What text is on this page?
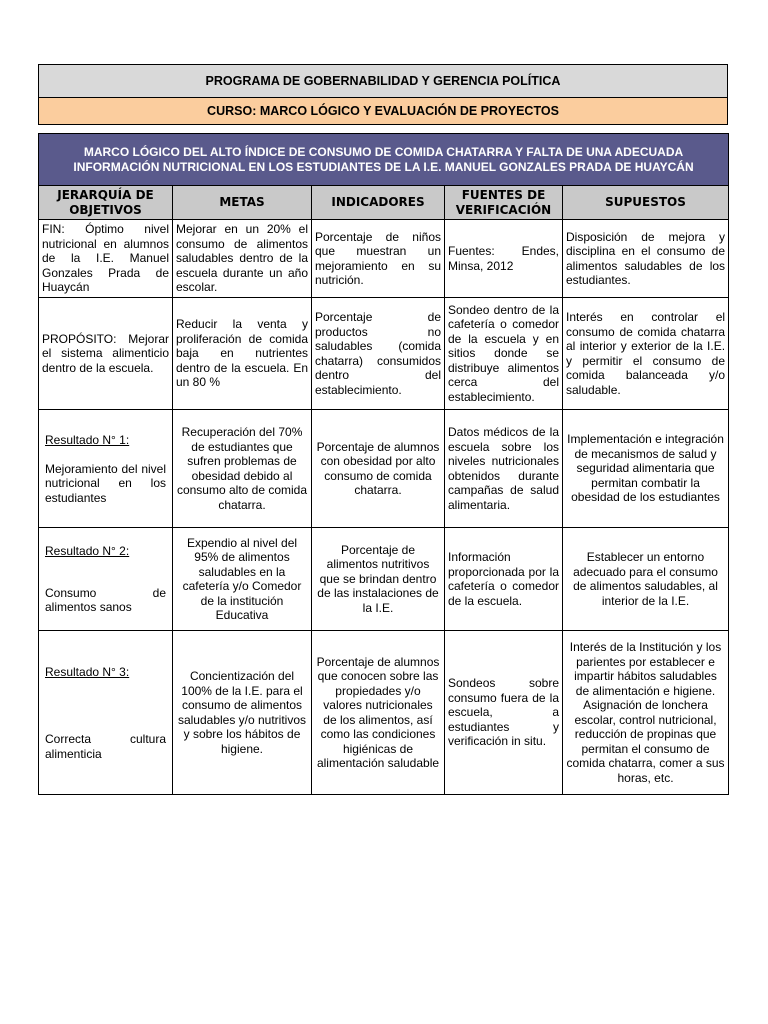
PROGRAMA DE GOBERNABILIDAD Y GERENCIA POLÍTICA
CURSO: MARCO LÓGICO Y EVALUACIÓN DE PROYECTOS
MARCO LÓGICO DEL ALTO ÍNDICE DE CONSUMO DE COMIDA CHATARRA Y FALTA DE UNA ADECUADA INFORMACIÓN NUTRICIONAL EN LOS ESTUDIANTES DE LA I.E. MANUEL GONZALES PRADA DE HUAYCÁN				
JERARQUÍA DE OBJETIVOS	METAS	INDICADORES	FUENTES DE VERIFICACIÓN	SUPUESTOS
FIN: Óptimo nivel nutricional en alumnos de la I.E. Manuel Gonzales Prada de Huaycán	Mejorar en un 20% el consumo de alimentos saludables dentro de la escuela durante un año escolar.	Porcentaje de niños que muestran un mejoramiento en su nutrición.	Fuentes: Endes, Minsa, 2012	Disposición de mejora y disciplina en el consumo de alimentos saludables de los estudiantes.
PROPÓSITO: Mejorar el sistema alimenticio dentro de la escuela.	Reducir la venta y proliferación de comida baja en nutrientes dentro de la escuela. En un 80 %	Porcentaje de productos no saludables (comida chatarra) consumidos dentro del establecimiento.	Sondeo dentro de la cafetería o comedor de la escuela y en sitios donde se distribuye alimentos cerca del establecimiento.	Interés en controlar el consumo de comida chatarra al interior y exterior de la I.E. y permitir el consumo de comida balanceada y/o saludable.

Resultado N° 1:
Mejoramiento del nivel nutricional en los estudiantes	Recuperación del 70% de estudiantes que sufren problemas de obesidad debido al consumo alto de comida chatarra.	Porcentaje de alumnos con obesidad por alto consumo de comida chatarra.	Datos médicos de la escuela sobre los niveles nutricionales obtenidos durante campañas de salud alimentaria.	Implementación e integración de mecanismos de salud y seguridad alimentaria que permitan combatir la obesidad de los estudiantes

Resultado N° 2:
Consumo de alimentos sanos	Expendio al nivel del 95% de alimentos saludables en la cafetería y/o Comedor de la institución Educativa	Porcentaje de alimentos nutritivos que se brindan dentro de las instalaciones de la I.E.	Información proporcionada por la cafetería o comedor de la escuela.	Establecer un entorno adecuado para el consumo de alimentos saludables, al interior de la I.E.

Resultado N° 3:
Correcta cultura alimenticia	Concientización del 100% de la I.E. para el consumo de alimentos saludables y/o nutritivos y sobre los hábitos de higiene.	Porcentaje de alumnos que conocen sobre las propiedades y/o valores nutricionales de los alimentos, así como las condiciones higiénicas de alimentación saludable	Sondeos sobre consumo fuera de la escuela, a estudiantes y verificación in situ.	Interés de la Institución y los parientes por establecer e impartir hábitos saludables de alimentación e higiene. Asignación de lonchera escolar, control nutricional, reducción de propinas que permitan el consumo de comida chatarra, comer a sus horas, etc.
